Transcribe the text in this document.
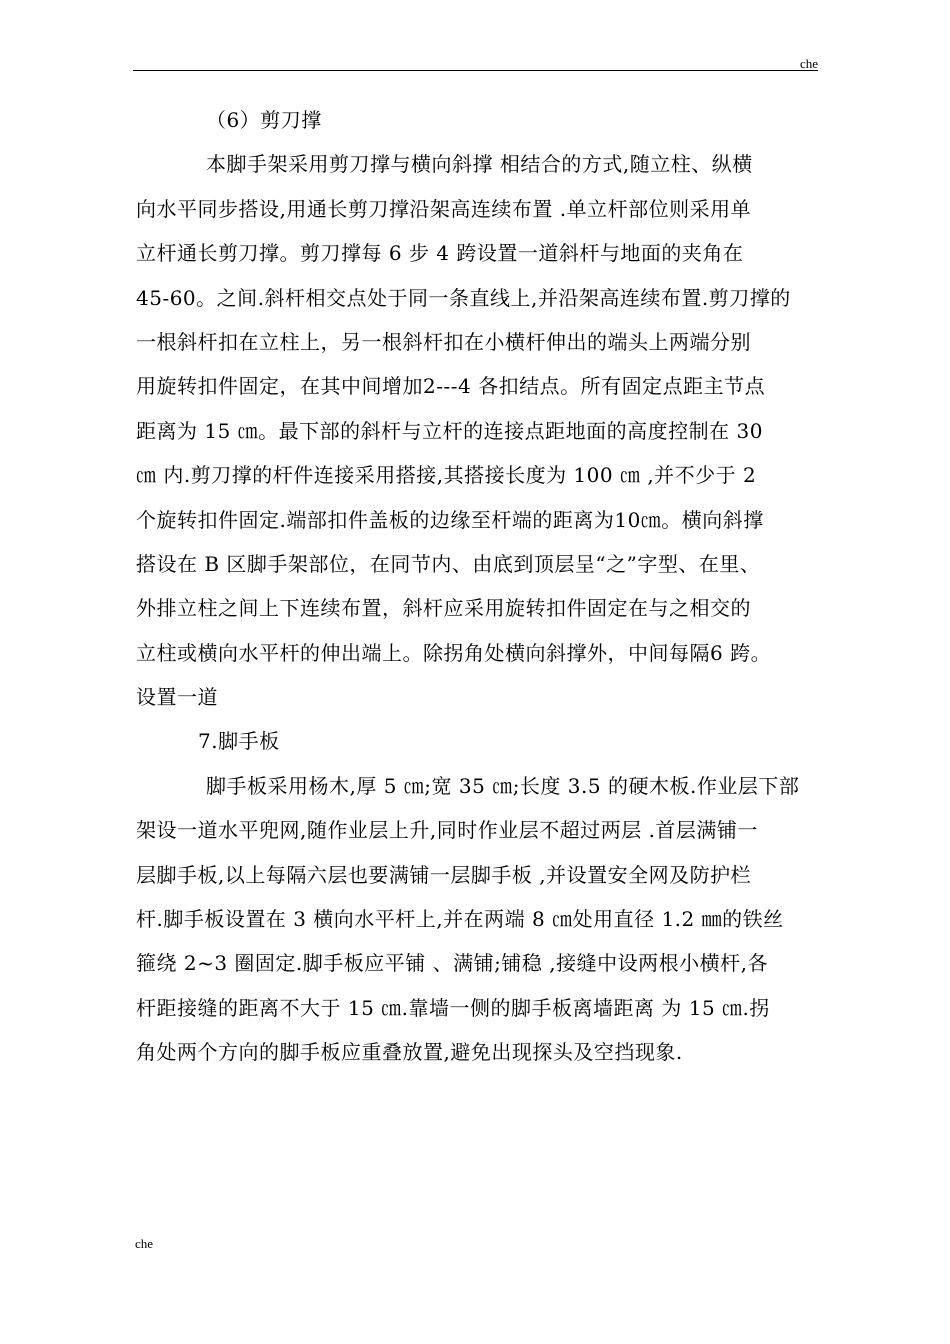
che
（6）剪刀撑
本脚手架采用剪刀撑与横向斜撑 相结合的方式,随立柱、纵横
向水平同步搭设,用通长剪刀撑沿架高连续布置 .单立杆部位则采用单
立杆通长剪刀撑。剪刀撑每 6 步 4 跨设置一道斜杆与地面的夹角在
45-60。之间.斜杆相交点处于同一条直线上,并沿架高连续布置.剪刀撑的
一根斜杆扣在立柱上，另一根斜杆扣在小横杆伸出的端头上两端分别
用旋转扣件固定，在其中间增加2---4 各扣结点。所有固定点距主节点
距离为 15 ㎝。最下部的斜杆与立杆的连接点距地面的高度控制在 30
㎝ 内.剪刀撑的杆件连接采用搭接,其搭接长度为 100 ㎝ ,并不少于 2
个旋转扣件固定.端部扣件盖板的边缘至杆端的距离为10㎝。横向斜撑
搭设在 B 区脚手架部位，在同节内、由底到顶层呈“之”字型、在里、
外排立柱之间上下连续布置，斜杆应采用旋转扣件固定在与之相交的
立柱或横向水平杆的伸出端上。除拐角处横向斜撑外，中间每隔6 跨。
设置一道
7.脚手板
脚手板采用杨木,厚 5 ㎝;宽 35 ㎝;长度 3.5 的硬木板.作业层下部
架设一道水平兜网,随作业层上升,同时作业层不超过两层 .首层满铺一
层脚手板,以上每隔六层也要满铺一层脚手板 ,并设置安全网及防护栏
杆.脚手板设置在 3 横向水平杆上,并在两端 8 ㎝处用直径 1.2 ㎜的铁丝
箍绕 2~3 圈固定.脚手板应平铺 、满铺;铺稳 ,接缝中设两根小横杆,各
杆距接缝的距离不大于 15 ㎝.靠墙一侧的脚手板离墙距离 为 15 ㎝.拐
角处两个方向的脚手板应重叠放置,避免出现探头及空挡现象.
che
